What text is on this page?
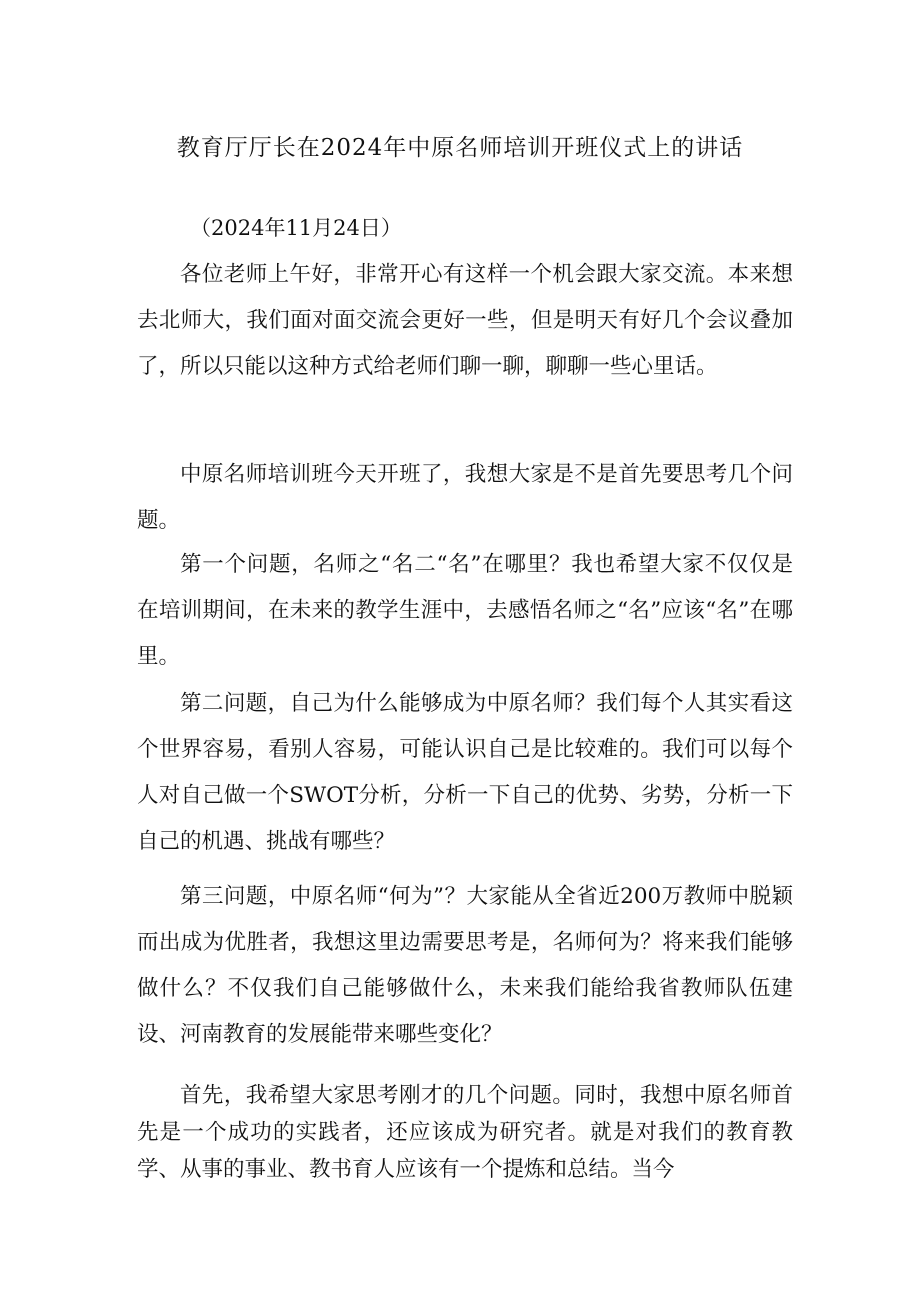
教育厅厅长在2024年中原名师培训开班仪式上的讲话
（2024年11月24日）

各位老师上午好，非常开心有这样一个机会跟大家交流。本来想去北师大，我们面对面交流会更好一些，但是明天有好几个会议叠加了，所以只能以这种方式给老师们聊一聊，聊聊一些心里话。

中原名师培训班今天开班了，我想大家是不是首先要思考几个问题。

第一个问题，名师之“名二“名”在哪里？我也希望大家不仅仅是在培训期间，在未来的教学生涯中，去感悟名师之“名”应该“名”在哪里。

第二问题，自己为什么能够成为中原名师？我们每个人其实看这个世界容易，看别人容易，可能认识自己是比较难的。我们可以每个人对自己做一个SWOT分析，分析一下自己的优势、劣势，分析一下自己的机遇、挑战有哪些？

第三问题，中原名师“何为”？大家能从全省近200万教师中脱颖而出成为优胜者，我想这里边需要思考是，名师何为？将来我们能够做什么？不仅我们自己能够做什么，未来我们能给我省教师队伍建设、河南教育的发展能带来哪些变化？

首先，我希望大家思考刚才的几个问题。同时，我想中原名师首先是一个成功的实践者，还应该成为研究者。就是对我们的教育教学、从事的事业、教书育人应该有一个提炼和总结。当今
